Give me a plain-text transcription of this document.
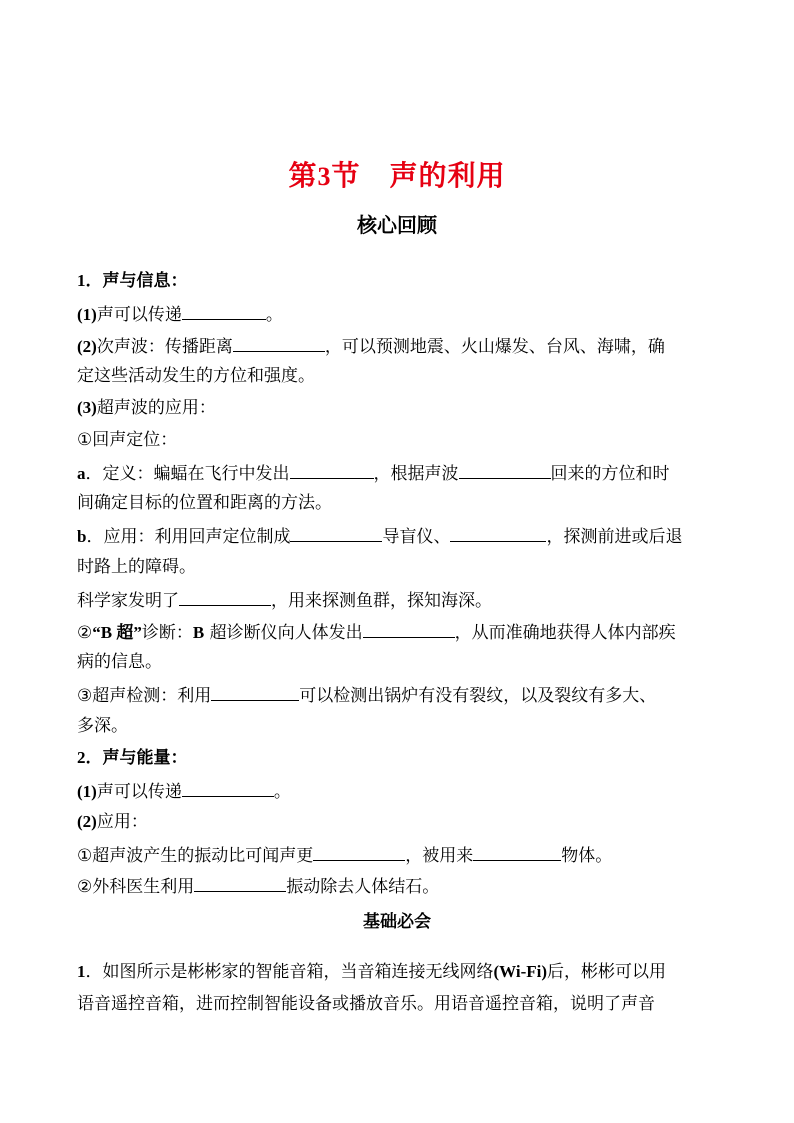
第3节　声的利用
核心回顾
1．声与信息：
(1)声可以传递	。
(2)次声波：传播距离	，可以预测地震、火山爆发、台风、海啸，确
定这些活动发生的方位和强度。
(3)超声波的应用：
①回声定位：
a．定义：蝙蝠在飞行中发出	，根据声波	回来的方位和时
间确定目标的位置和距离的方法。
b．应用：利用回声定位制成	导盲仪、	，探测前进或后退
时路上的障碍。
科学家发明了	，用来探测鱼群，探知海深。
②“B 超”诊断：B 超诊断仪向人体发出	，从而准确地获得人体内部疾
病的信息。
③超声检测：利用	可以检测出锅炉有没有裂纹，以及裂纹有多大、
多深。
2．声与能量：
(1)声可以传递	。
(2)应用：
①超声波产生的振动比可闻声更	，被用来	物体。
②外科医生利用	振动除去人体结石。
基础必会
1．如图所示是彬彬家的智能音箱，当音箱连接无线网络(Wi-Fi)后，彬彬可以用
语音遥控音箱，进而控制智能设备或播放音乐。用语音遥控音箱，说明了声音
